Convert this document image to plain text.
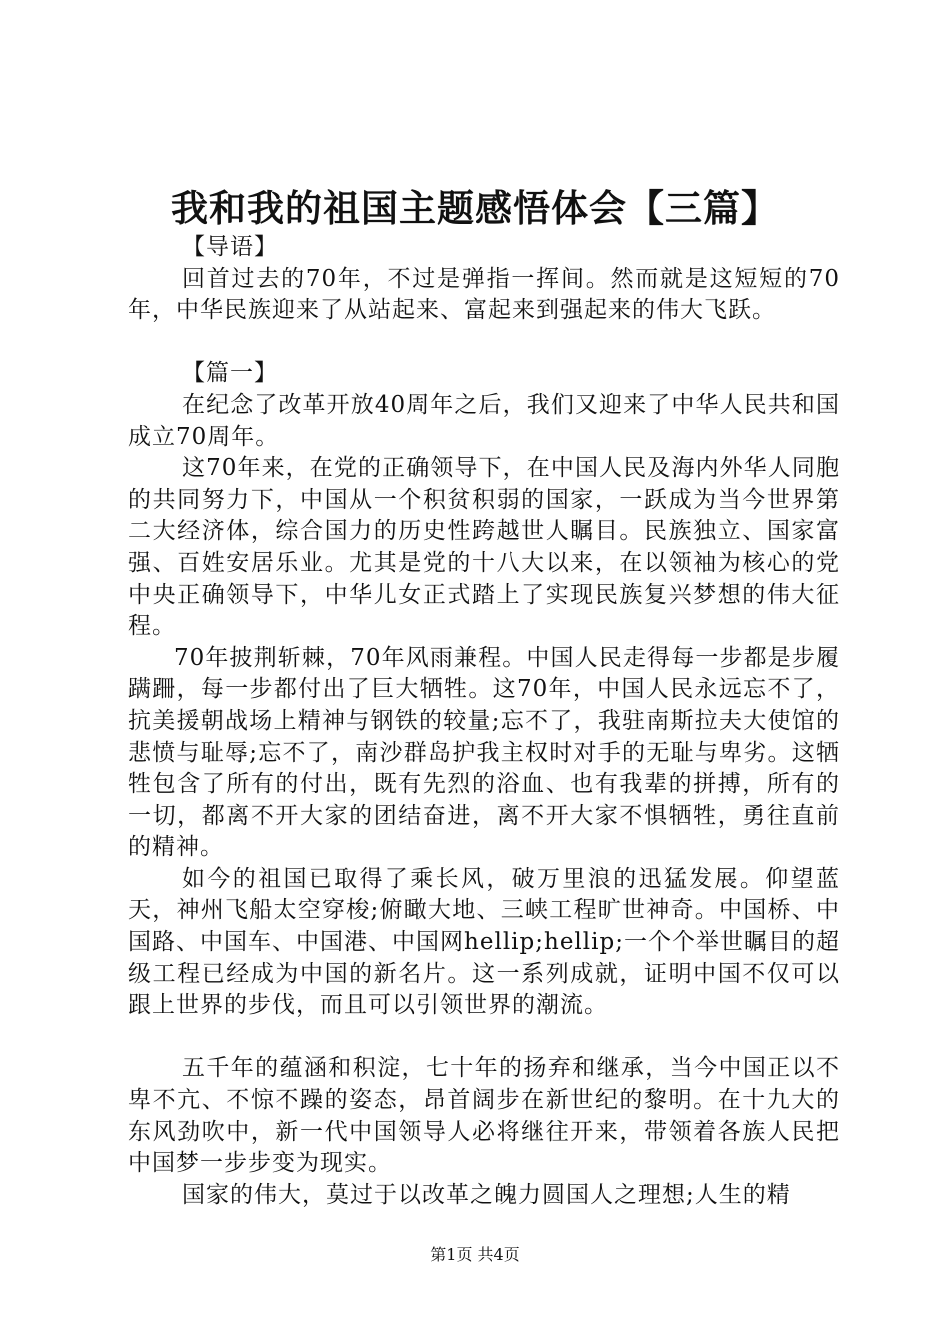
我和我的祖国主题感悟体会【三篇】

【导语】

回首过去的70年，不过是弹指一挥间。然而就是这短短的70年，中华民族迎来了从站起来、富起来到强起来的伟大飞跃。

【篇一】

在纪念了改革开放40周年之后，我们又迎来了中华人民共和国成立70周年。

这70年来，在党的正确领导下，在中国人民及海内外华人同胞的共同努力下，中国从一个积贫积弱的国家，一跃成为当今世界第二大经济体，综合国力的历史性跨越世人瞩目。民族独立、国家富强、百姓安居乐业。尤其是党的十八大以来，在以领袖为核心的党中央正确领导下，中华儿女正式踏上了实现民族复兴梦想的伟大征程。

70年披荆斩棘，70年风雨兼程。中国人民走得每一步都是步履蹒跚，每一步都付出了巨大牺牲。这70年，中国人民永远忘不了，抗美援朝战场上精神与钢铁的较量;忘不了，我驻南斯拉夫大使馆的悲愤与耻辱;忘不了，南沙群岛护我主权时对手的无耻与卑劣。这牺牲包含了所有的付出，既有先烈的浴血、也有我辈的拼搏，所有的一切，都离不开大家的团结奋进，离不开大家不惧牺牲，勇往直前的精神。

如今的祖国已取得了乘长风，破万里浪的迅猛发展。仰望蓝天，神州飞船太空穿梭;俯瞰大地、三峡工程旷世神奇。中国桥、中国路、中国车、中国港、中国网hellip;hellip;一个个举世瞩目的超级工程已经成为中国的新名片。这一系列成就，证明中国不仅可以跟上世界的步伐，而且可以引领世界的潮流。

五千年的蕴涵和积淀，七十年的扬弃和继承，当今中国正以不卑不亢、不惊不躁的姿态，昂首阔步在新世纪的黎明。在十九大的东风劲吹中，新一代中国领导人必将继往开来，带领着各族人民把中国梦一步步变为现实。

国家的伟大，莫过于以改革之魄力圆国人之理想;人生的精

第1页 共4页
